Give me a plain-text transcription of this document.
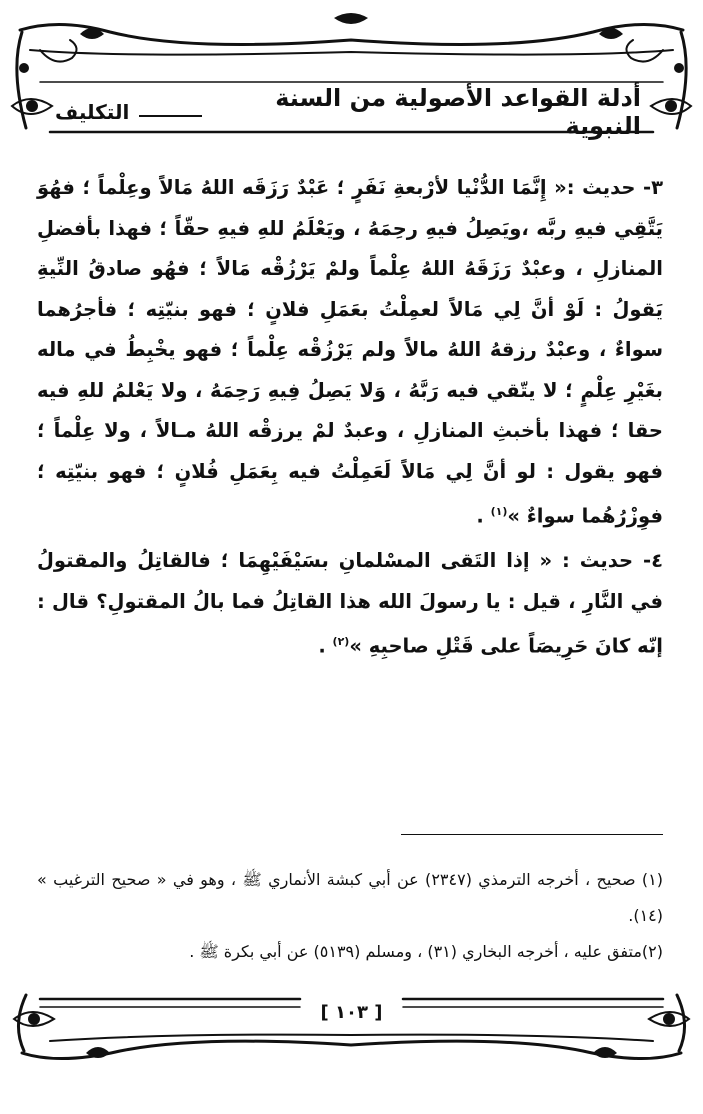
أدلة القواعد الأصولية من السنة النبوية
التكليف

٣- حديث :« إِنَّمَا الدُّنْيا لأرْبعةِ نَفَرٍ ؛ عَبْدٌ رَزَقَه اللهُ مَالاً وعِلْماً ؛ فهُوَ يَتَّقِي فيهِ ربَّه ،ويَصِلُ فيهِ رحِمَهُ ، ويَعْلَمُ للهِ فيهِ حقّاً ؛ فهذا بأفضلِ المنازلِ ، وعبْدٌ رَزَقَهُ اللهُ عِلْماً ولمْ يَرْزُقْه مَالاً ؛ فهُو صادقُ النِّيةِ يَقولُ : لَوْ أنَّ لِي مَالاً لعمِلْتُ بعَمَلِ فلانٍ ؛ فهو بنيّتِه ؛ فأجرُهما سواءٌ ، وعبْدٌ رزقهُ اللهُ مالاً ولم يَرْزُقْه عِلْماً ؛ فهو يخْبِطُ في ماله بغَيْرِ عِلْمٍ ؛ لا يتّقي فيه رَبَّهُ ، وَلا يَصِلُ فِيهِ رَحِمَهُ ، ولا يَعْلمُ للهِ فيه حقا ؛ فهذا بأخبثِ المنازلِ ، وعبدٌ لمْ يرزقْه اللهُ مـالاً ، ولا عِلْماً ؛ فهو يقول : لو أنَّ لِي مَالاً لَعَمِلْتُ فيه بِعَمَلِ فُلانٍ ؛ فهو بنيّتِه ؛ فوِزْرُهُما سواءٌ »$^{(١)}$ .

٤- حديث : « إذا التَقى المسْلمانِ بسَيْفَيْهِمَا ؛ فالقاتِلُ والمقتولُ في النَّارِ ، قيل : يا رسولَ الله هذا القاتِلُ فما بالُ المقتولِ؟ قال : إنّه كانَ حَرِيصَاً على قَتْلِ صاحبِهِ »$^{(٢)}$ .

(١) صحيح ، أخرجه الترمذي (٢٣٤٧) عن أبي كبشة الأنماري ﷺ ، وهو في « صحيح الترغيب » (١٤).

(٢)متفق عليه ، أخرجه البخاري (٣١) ، ومسلم (٥١٣٩) عن أبي بكرة ﷺ .

[ ١٠٣ ]
